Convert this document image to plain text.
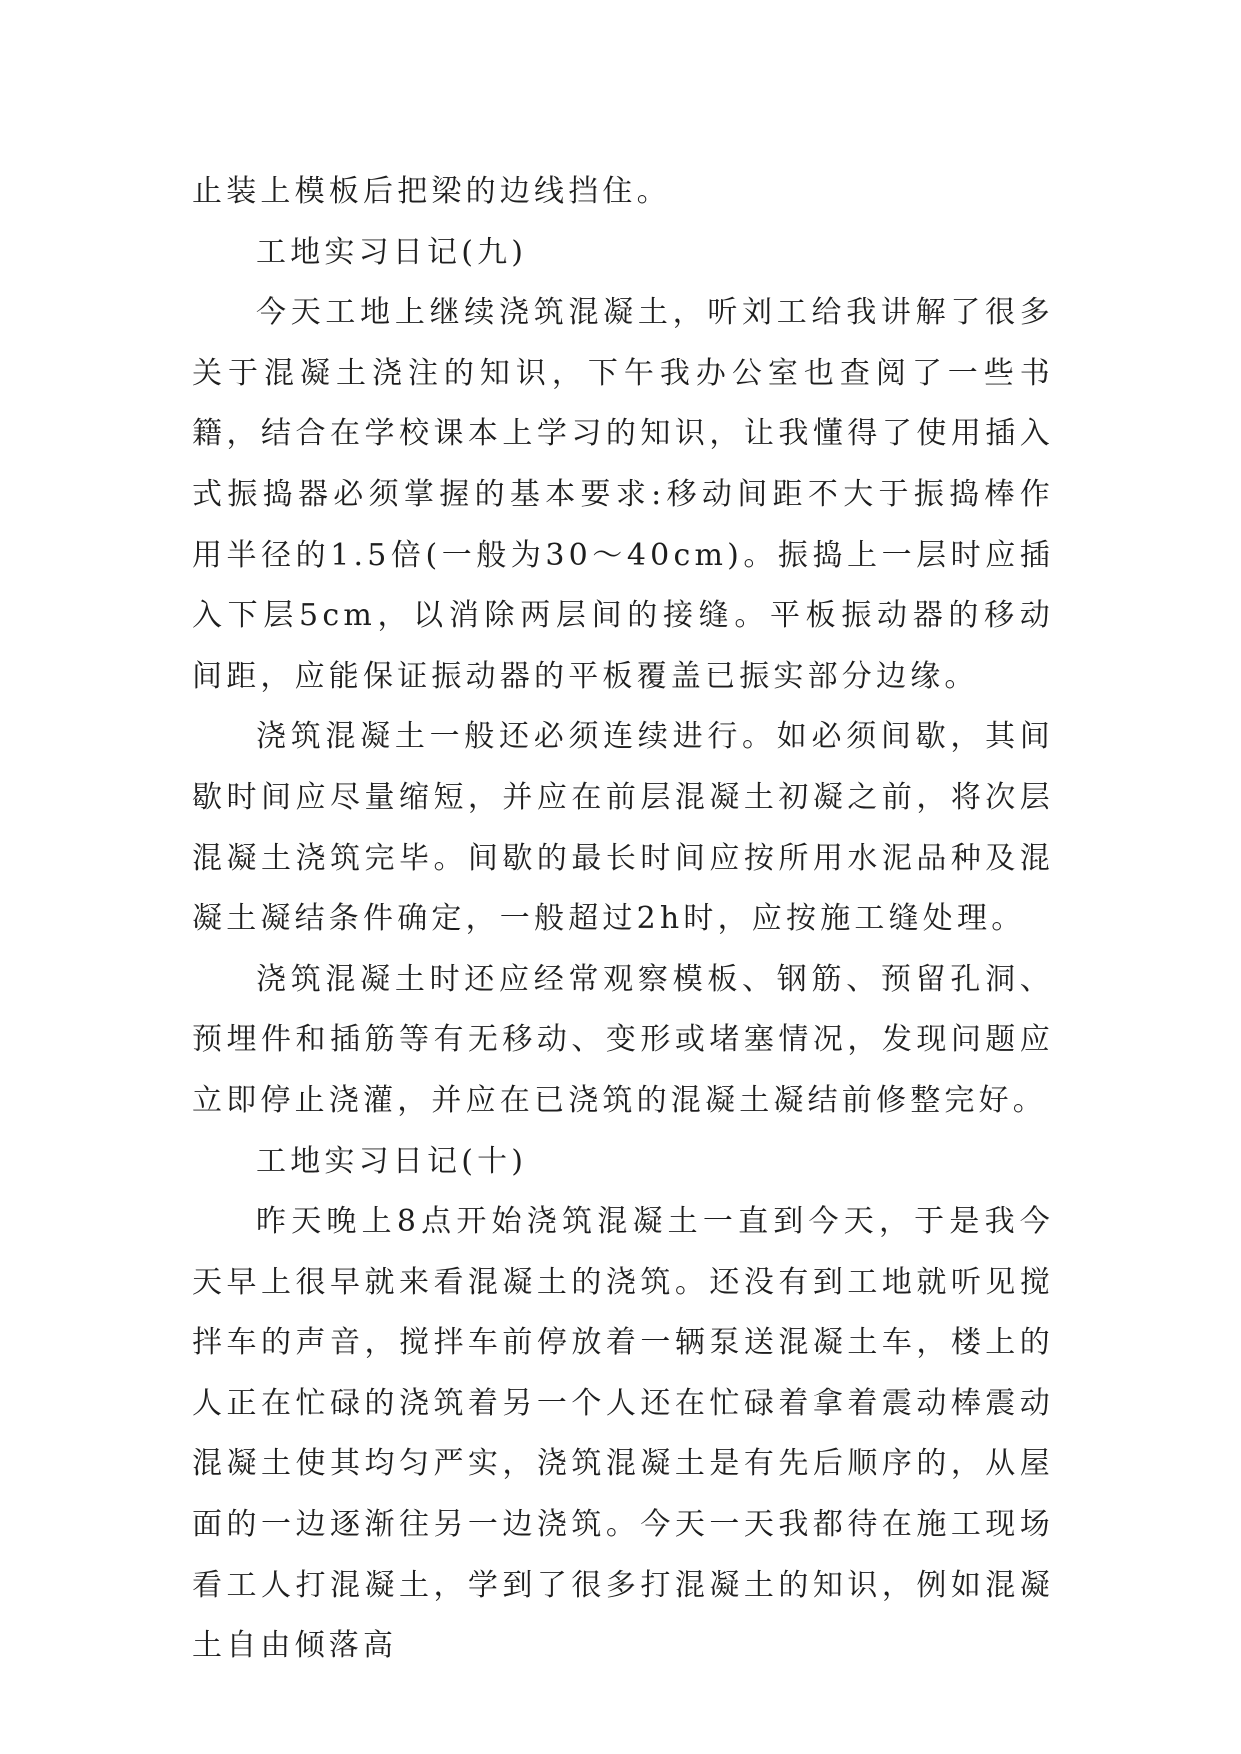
止装上模板后把梁的边线挡住。

工地实习日记(九)

今天工地上继续浇筑混凝土，听刘工给我讲解了很多关于混凝土浇注的知识，下午我办公室也查阅了一些书籍，结合在学校课本上学习的知识，让我懂得了使用插入式振捣器必须掌握的基本要求:移动间距不大于振捣棒作用半径的1.5倍(一般为30～40cm)。振捣上一层时应插入下层5cm，以消除两层间的接缝。平板振动器的移动间距，应能保证振动器的平板覆盖已振实部分边缘。

浇筑混凝土一般还必须连续进行。如必须间歇，其间歇时间应尽量缩短，并应在前层混凝土初凝之前，将次层混凝土浇筑完毕。间歇的最长时间应按所用水泥品种及混凝土凝结条件确定，一般超过2h时，应按施工缝处理。

浇筑混凝土时还应经常观察模板、钢筋、预留孔洞、预埋件和插筋等有无移动、变形或堵塞情况，发现问题应立即停止浇灌，并应在已浇筑的混凝土凝结前修整完好。

工地实习日记(十)

昨天晚上8点开始浇筑混凝土一直到今天，于是我今天早上很早就来看混凝土的浇筑。还没有到工地就听见搅拌车的声音，搅拌车前停放着一辆泵送混凝土车，楼上的人正在忙碌的浇筑着另一个人还在忙碌着拿着震动棒震动混凝土使其均匀严实，浇筑混凝土是有先后顺序的，从屋面的一边逐渐往另一边浇筑。今天一天我都待在施工现场看工人打混凝土，学到了很多打混凝土的知识，例如混凝土自由倾落高
